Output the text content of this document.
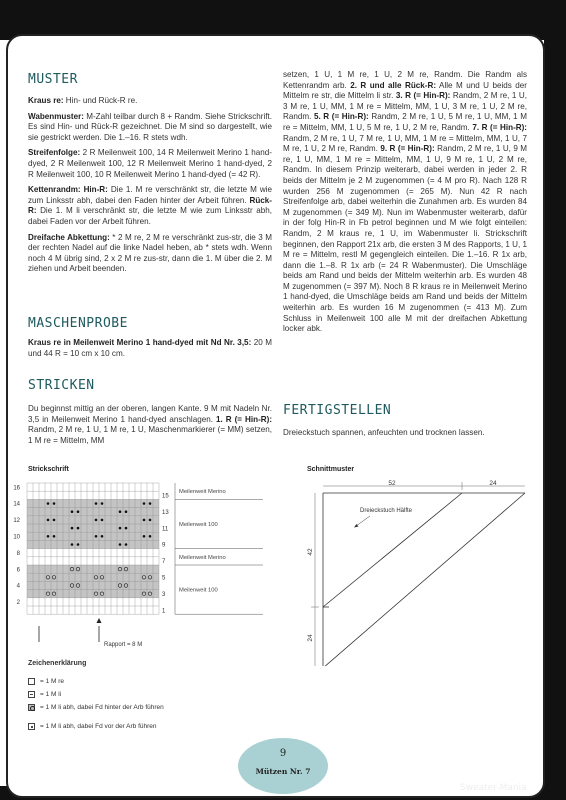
MUSTER
MASCHENPROBE
STRICKEN
FERTIGSTELLEN

Kraus re: Hin- und Rück-R re.

Wabenmuster: M-Zahl teilbar durch 8 + Randm. Siehe Strickschrift. Es sind Hin- und Rück-R gezeichnet. Die M sind so dargestellt, wie sie gestrickt werden. Die 1.–16. R stets wdh.

Streifenfolge: 2 R Meilenweit 100, 14 R Meilenweit Merino 1 hand-dyed, 2 R Meilenweit 100, 12 R Meilenweit Merino 1 hand-dyed, 2 R Meilenweit 100, 10 R Meilenweit Merino 1 hand-dyed (= 42 R).

Kettenrandm: Hin-R: Die 1. M re verschränkt str, die letzte M wie zum Linksstr abh, dabei den Faden hinter der Arbeit führen. Rück-R: Die 1. M li verschränkt str, die letzte M wie zum Linksstr abh, dabei Faden vor der Arbeit führen.

Dreifache Abkettung: * 2 M re, 2 M re verschränkt zus-str, die 3 M der rechten Nadel auf die linke Nadel heben, ab * stets wdh. Wenn noch 4 M übrig sind, 2 x 2 M re zus-str, dann die 1. M über die 2. M ziehen und Arbeit beenden.

Kraus re in Meilenweit Merino 1 hand-dyed mit Nd Nr. 3,5: 20 M und 44 R = 10 cm x 10 cm.

Du beginnst mittig an der oberen, langen Kante. 9 M mit Nadeln Nr. 3,5 in Meilenweit Merino 1 hand-dyed anschlagen. 1. R (= Hin-R): Randm, 2 M re, 1 U, 1 M re, 1 U, Maschenmarkierer (= MM) setzen, 1 M re = Mittelm, MM

setzen, 1 U, 1 M re, 1 U, 2 M re, Randm. Die Randm als Kettenrandm arb. 2. R und alle Rück-R: Alle M und U beids der Mittelm re str, die Mittelm li str. 3. R (= Hin-R): Randm, 2 M re, 1 U, 3 M re, 1 U, MM, 1 M re = Mittelm, MM, 1 U, 3 M re, 1 U, 2 M re, Randm. 5. R (= Hin-R): Randm, 2 M re, 1 U, 5 M re, 1 U, MM, 1 M re = Mittelm, MM, 1 U, 5 M re, 1 U, 2 M re, Randm. 7. R (= Hin-R): Randm, 2 M re, 1 U, 7 M re, 1 U, MM, 1 M re = Mittelm, MM, 1 U, 7 M re, 1 U, 2 M re, Randm. 9. R (= Hin-R): Randm, 2 M re, 1 U, 9 M re, 1 U, MM, 1 M re = Mittelm, MM, 1 U, 9 M re, 1 U, 2 M re, Randm. In diesem Prinzip weiterarb, dabei werden in jeder 2. R beids der Mittelm je 2 M zugenommen (= 4 M pro R). Nach 128 R wurden 256 M zugenommen (= 265 M). Nun 42 R nach Streifenfolge arb, dabei weiterhin die Zunahmen arb. Es wurden 84 M zugenommen (= 349 M). Nun im Wabenmuster weiterarb, dafür in der folg Hin-R in Fb petrol beginnen und M wie folgt einteilen: Randm, 2 M kraus re, 1 U, im Wabenmuster li. Strickschrift beginnen, den Rapport 21x arb, die ersten 3 M des Rapports, 1 U, 1 M re = Mittelm, restl M gegengleich einteilen. Die 1.–16. R 1x arb, dann die 1.–8. R 1x arb (= 24 R Wabenmuster). Die Umschläge beids am Rand und beids der Mittelm weiterhin arb. Es wurden 48 M zugenommen (= 397 M). Noch 8 R kraus re in Meilenweit Merino 1 hand-dyed, die Umschläge beids am Rand und beids der Mittelm weiterhin arb. Es wurden 16 M zugenommen (= 413 M). Zum Schluss in Meilenweit 100 alle M mit der dreifachen Abkettung locker abk.

Dreieckstuch spannen, anfeuchten und trocknen lassen.

Strickschrift
16
14
12
10
8
6
4
2
15
13
11
9
7
5
3
1
Meilenweit Merino
Meilenweit 100
Meilenweit Merino
Meilenweit 100
Rapport = 8 M
Schnittmuster
52	24
42
24
Dreieckstuch Hälfte
Zeichenerklärung
= 1 M re
= 1 M li
= 1 M li abh, dabei Fd hinter der Arb führen
= 1 M li abh, dabei Fd vor der Arb führen
9
Mützen Nr. 7
Sweater-Mania
